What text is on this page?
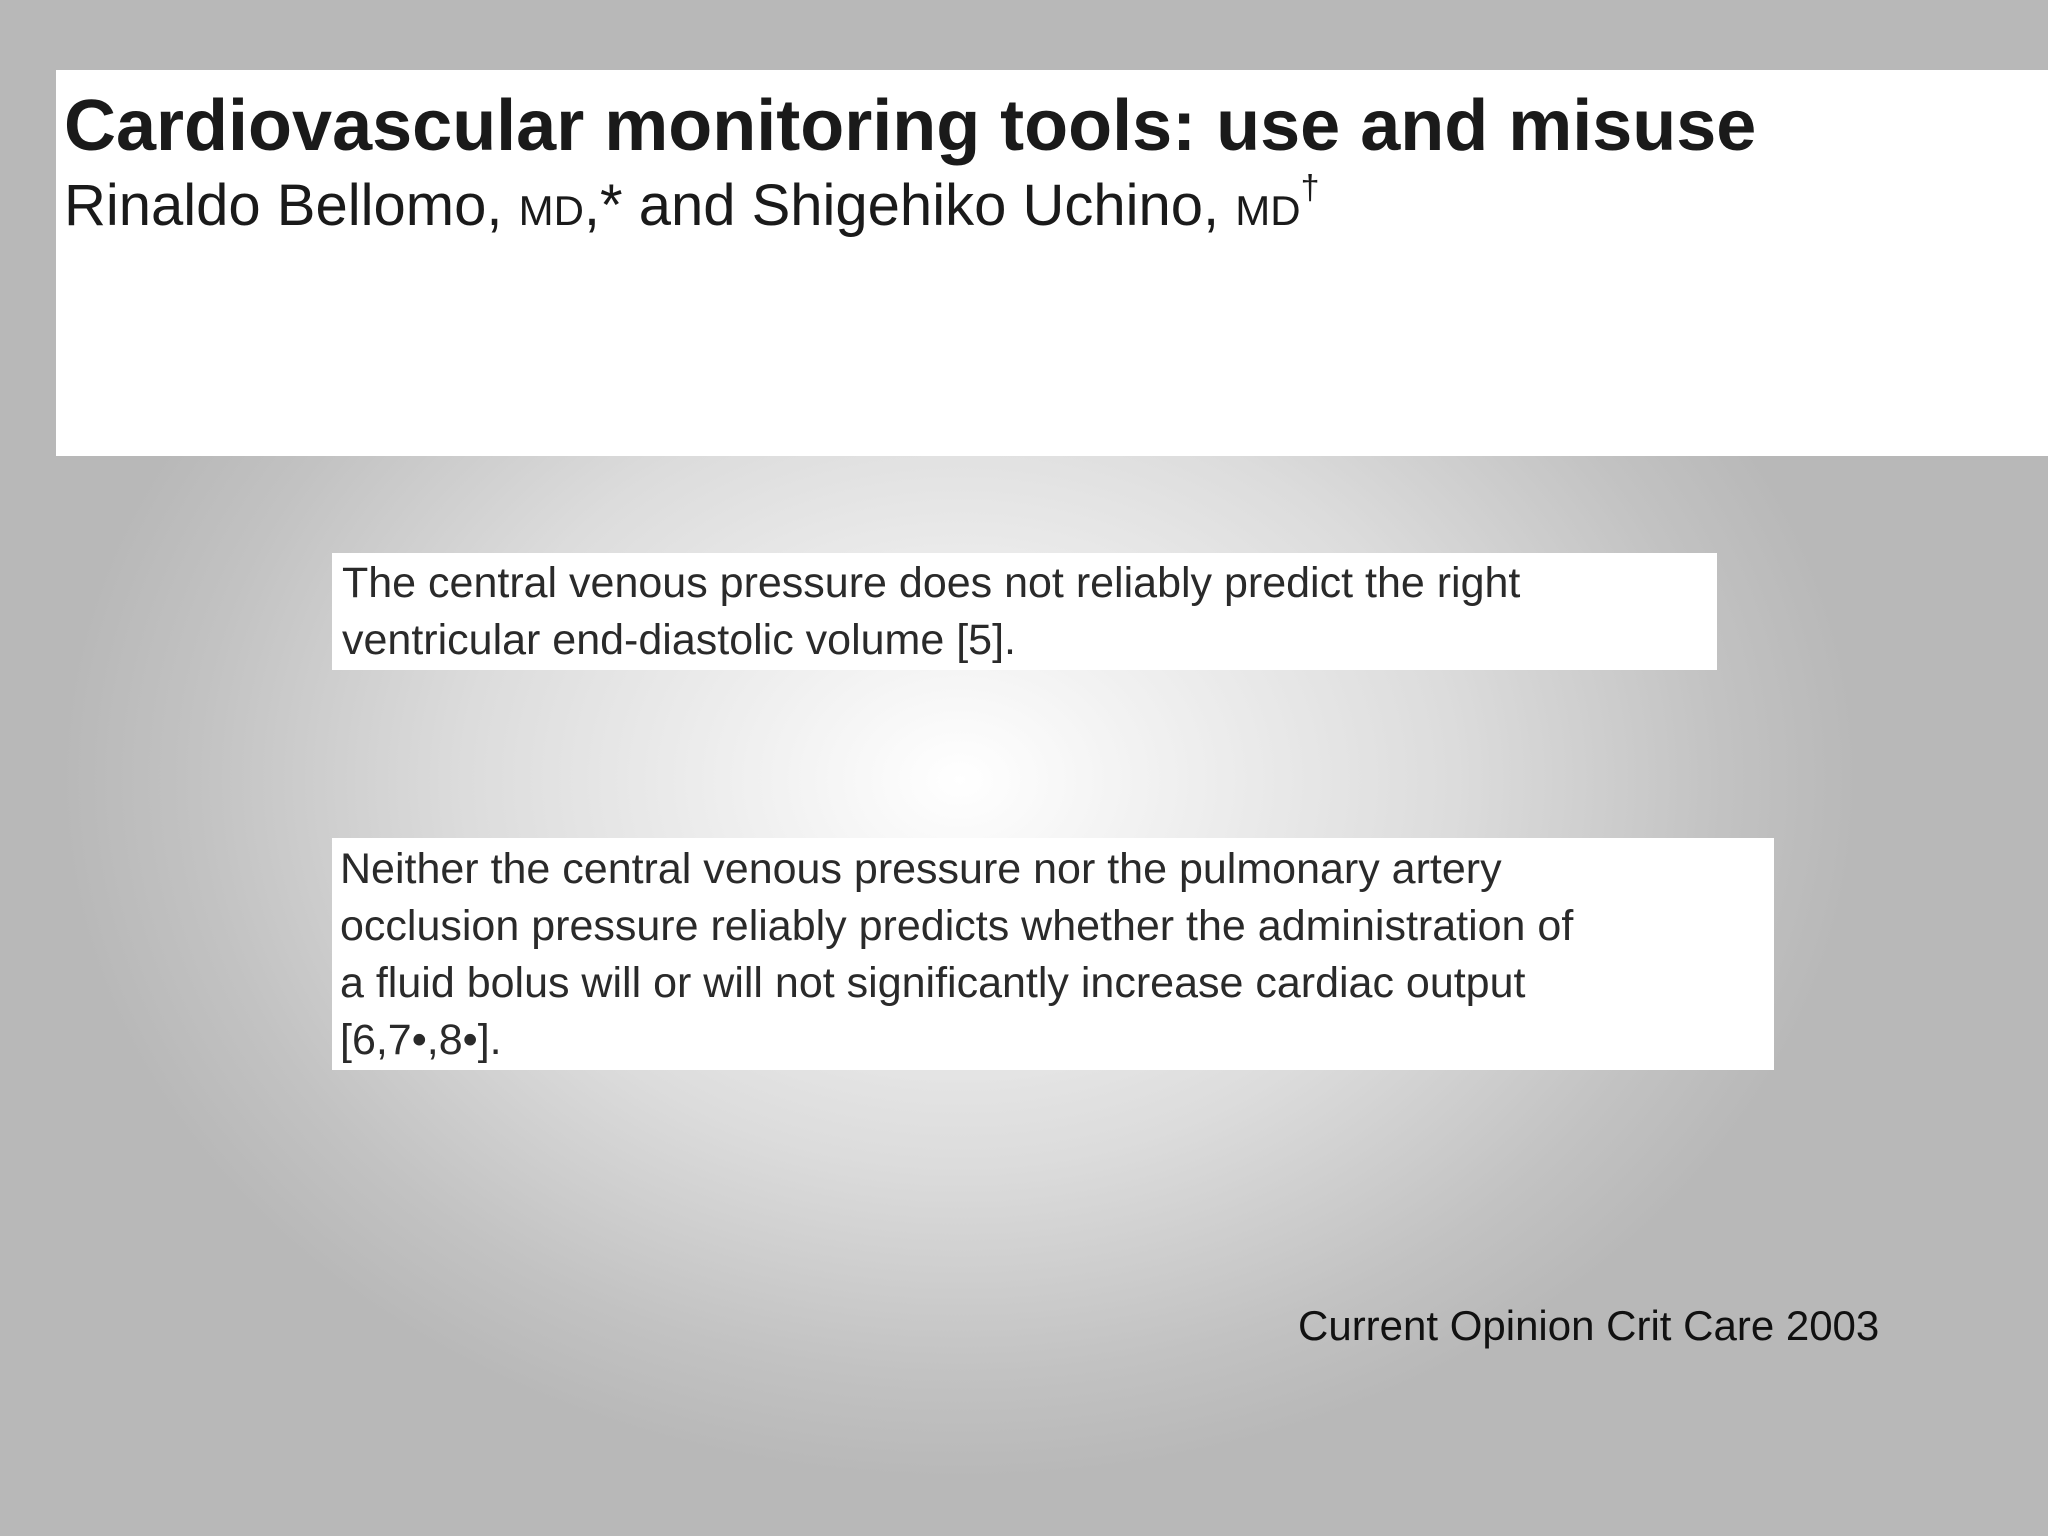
Cardiovascular monitoring tools: use and misuse

Rinaldo Bellomo, MD,* and Shigehiko Uchino, MD†

The central venous pressure does not reliably predict the right
ventricular end-diastolic volume [5].
Neither the central venous pressure nor the pulmonary artery
occlusion pressure reliably predicts whether the administration of
a fluid bolus will or will not significantly increase cardiac output
[6,7•,8•].
Current Opinion Crit Care 2003
